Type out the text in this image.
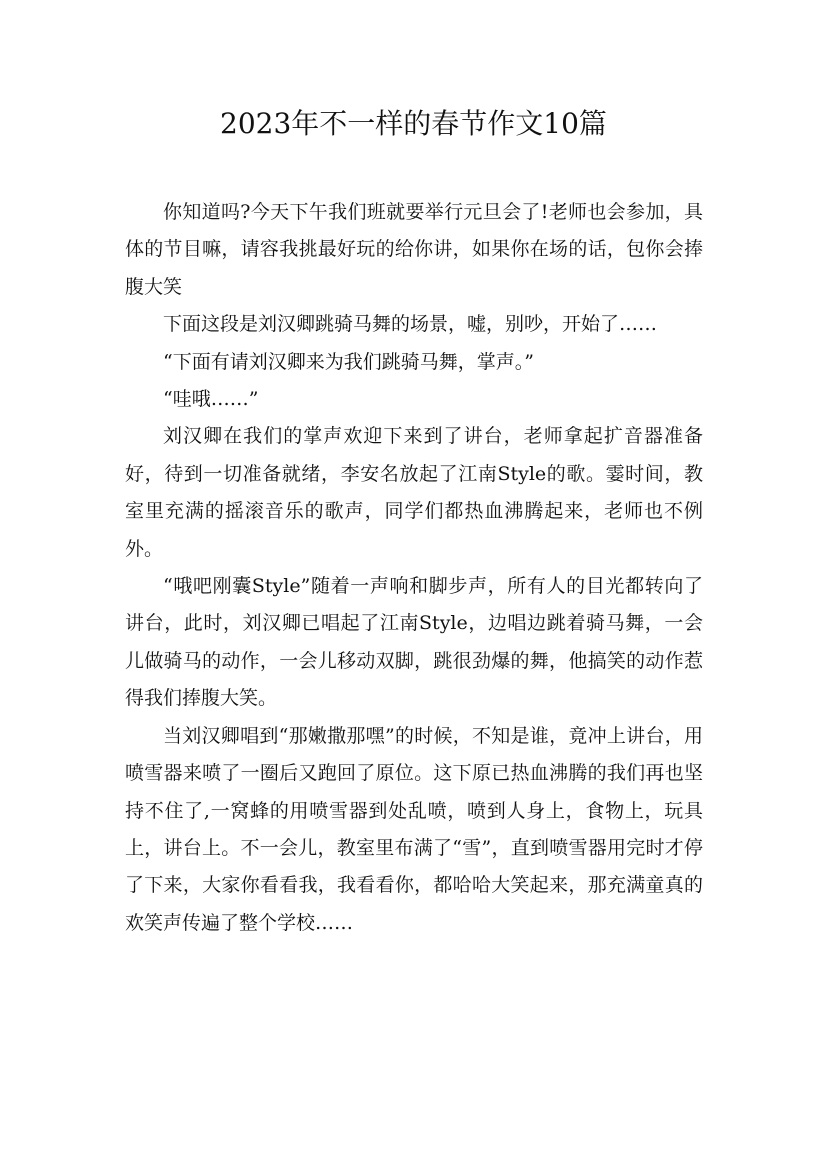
2023年不一样的春节作文10篇

你知道吗?今天下午我们班就要举行元旦会了!老师也会参加，具体的节目嘛，请容我挑最好玩的给你讲，如果你在场的话，包你会捧腹大笑

下面这段是刘汉卿跳骑马舞的场景，嘘，别吵，开始了……

“下面有请刘汉卿来为我们跳骑马舞，掌声。”

“哇哦……”

刘汉卿在我们的掌声欢迎下来到了讲台，老师拿起扩音器准备好，待到一切准备就绪，李安名放起了江南Style的歌。霎时间，教室里充满的摇滚音乐的歌声，同学们都热血沸腾起来，老师也不例外。

“哦吧刚囊Style”随着一声响和脚步声，所有人的目光都转向了讲台，此时，刘汉卿已唱起了江南Style，边唱边跳着骑马舞，一会儿做骑马的动作，一会儿移动双脚，跳很劲爆的舞，他搞笑的动作惹得我们捧腹大笑。

当刘汉卿唱到“那嫩撒那嘿”的时候，不知是谁，竟冲上讲台，用喷雪器来喷了一圈后又跑回了原位。这下原已热血沸腾的我们再也坚持不住了,一窝蜂的用喷雪器到处乱喷，喷到人身上，食物上，玩具上，讲台上。不一会儿，教室里布满了“雪”，直到喷雪器用完时才停了下来，大家你看看我，我看看你，都哈哈大笑起来，那充满童真的欢笑声传遍了整个学校……
